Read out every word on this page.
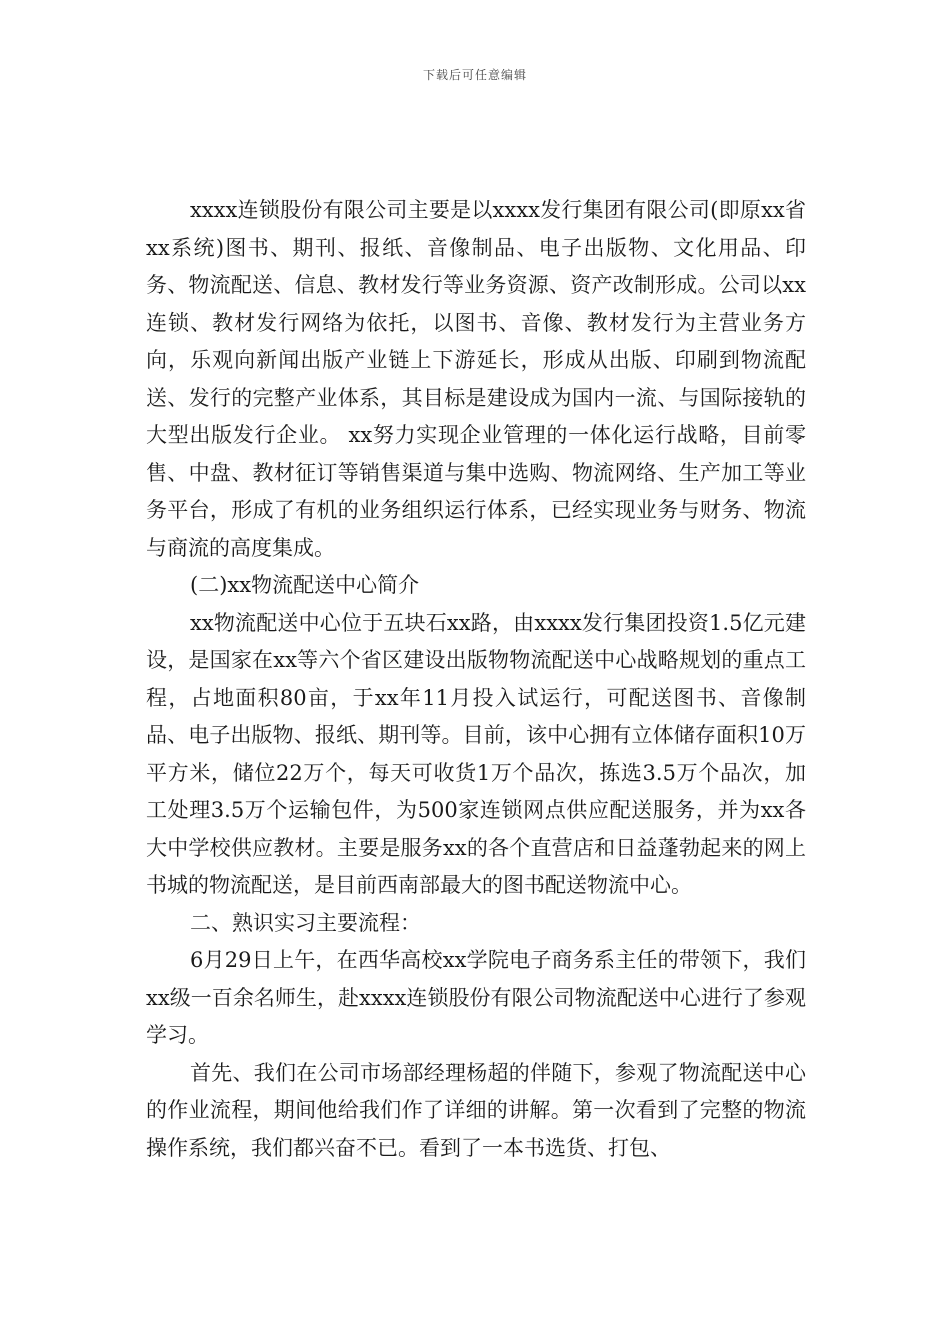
下载后可任意编辑

xxxx连锁股份有限公司主要是以xxxx发行集团有限公司(即原xx省xx系统)图书、期刊、报纸、音像制品、电子出版物、文化用品、印务、物流配送、信息、教材发行等业务资源、资产改制形成。公司以xx连锁、教材发行网络为依托，以图书、音像、教材发行为主营业务方向，乐观向新闻出版产业链上下游延长，形成从出版、印刷到物流配送、发行的完整产业体系，其目标是建设成为国内一流、与国际接轨的大型出版发行企业。 xx努力实现企业管理的一体化运行战略，目前零售、中盘、教材征订等销售渠道与集中选购、物流网络、生产加工等业务平台，形成了有机的业务组织运行体系，已经实现业务与财务、物流与商流的高度集成。

(二)xx物流配送中心简介

xx物流配送中心位于五块石xx路，由xxxx发行集团投资1.5亿元建设，是国家在xx等六个省区建设出版物物流配送中心战略规划的重点工程，占地面积80亩，于xx年11月投入试运行，可配送图书、音像制品、电子出版物、报纸、期刊等。目前，该中心拥有立体储存面积10万平方米，储位22万个，每天可收货1万个品次，拣选3.5万个品次，加工处理3.5万个运输包件，为500家连锁网点供应配送服务，并为xx各大中学校供应教材。主要是服务xx的各个直营店和日益蓬勃起来的网上书城的物流配送，是目前西南部最大的图书配送物流中心。

二、熟识实习主要流程：

6月29日上午，在西华高校xx学院电子商务系主任的带领下，我们xx级一百余名师生，赴xxxx连锁股份有限公司物流配送中心进行了参观学习。

首先、我们在公司市场部经理杨超的伴随下，参观了物流配送中心的作业流程，期间他给我们作了详细的讲解。第一次看到了完整的物流操作系统，我们都兴奋不已。看到了一本书选货、打包、
